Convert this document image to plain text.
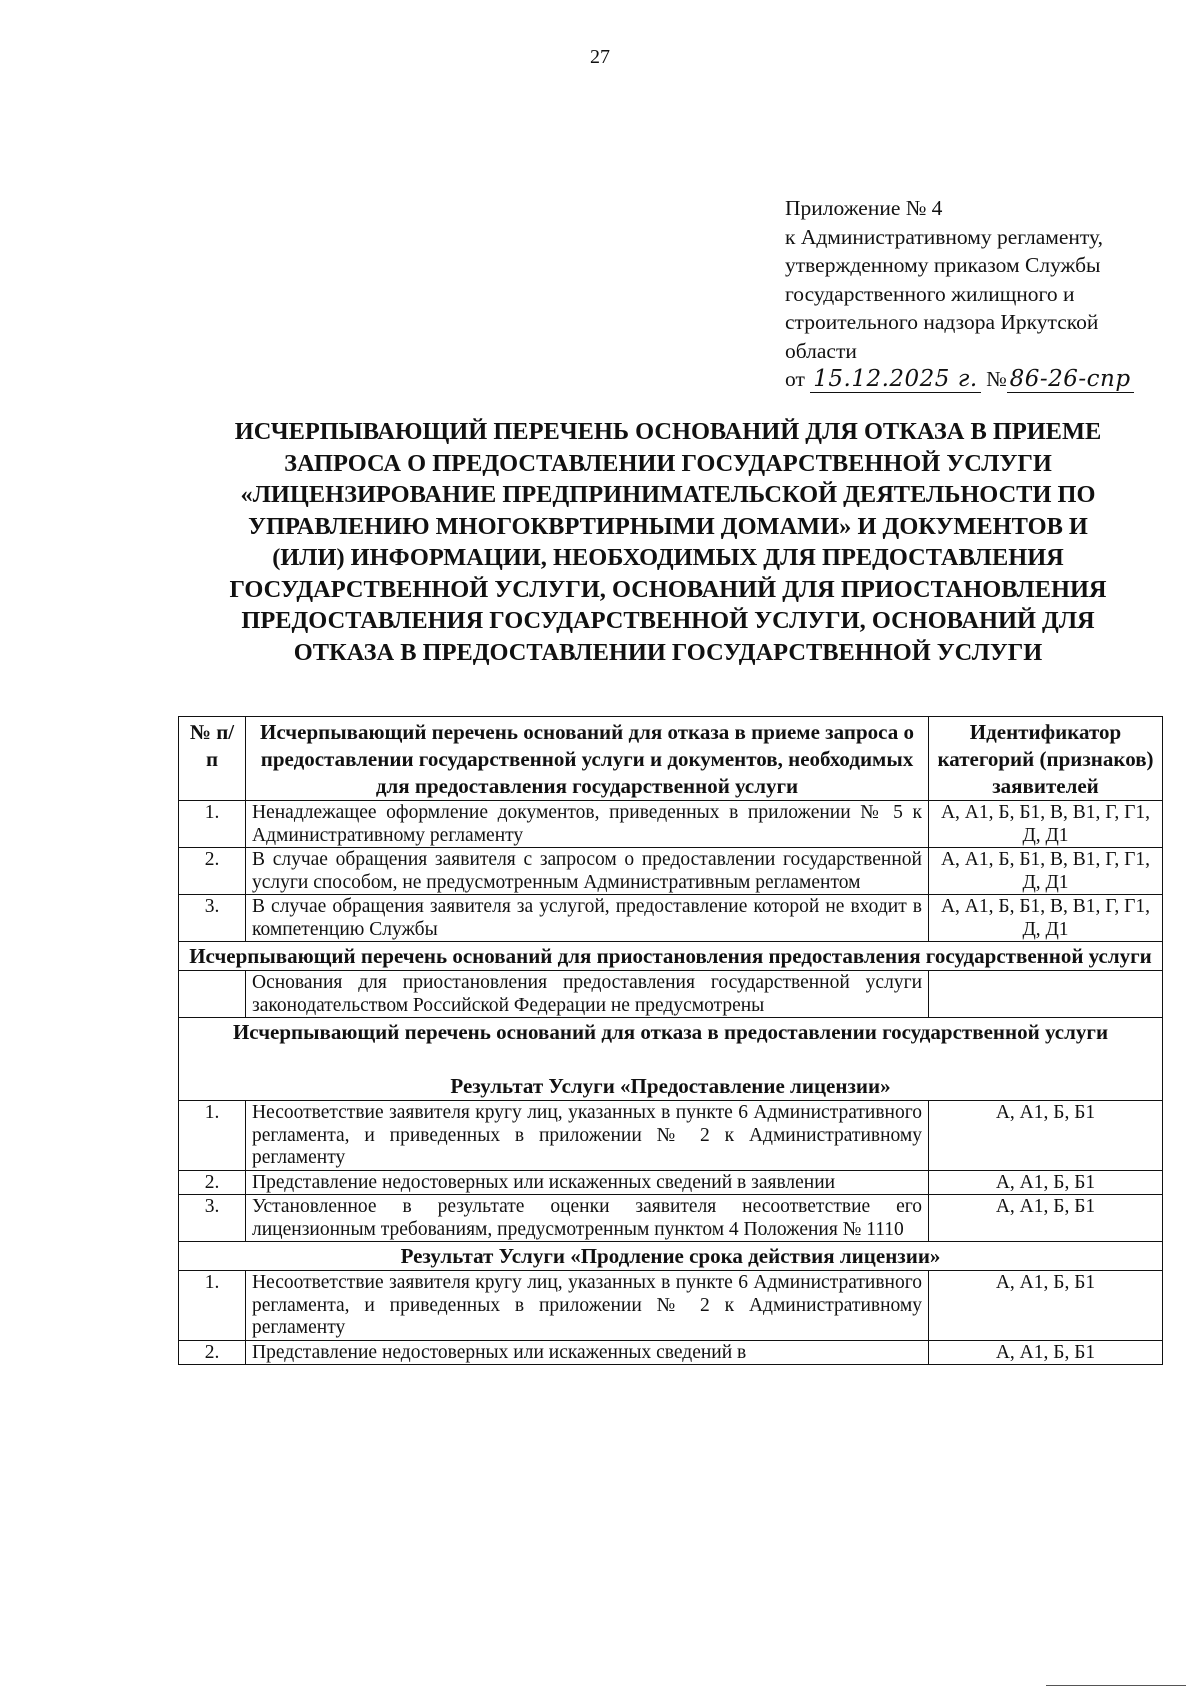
27
Приложение № 4
к Административному регламенту,
утвержденному приказом Службы
государственного жилищного и
строительного надзора Иркутской
области
от 15.12.2025 г. № 86-26-спр
ИСЧЕРПЫВАЮЩИЙ ПЕРЕЧЕНЬ ОСНОВАНИЙ ДЛЯ ОТКАЗА В ПРИЕМЕ
ЗАПРОСА О ПРЕДОСТАВЛЕНИИ ГОСУДАРСТВЕННОЙ УСЛУГИ
«ЛИЦЕНЗИРОВАНИЕ ПРЕДПРИНИМАТЕЛЬСКОЙ ДЕЯТЕЛЬНОСТИ ПО
УПРАВЛЕНИЮ МНОГОКВРТИРНЫМИ ДОМАМИ» И ДОКУМЕНТОВ И
(ИЛИ) ИНФОРМАЦИИ, НЕОБХОДИМЫХ ДЛЯ ПРЕДОСТАВЛЕНИЯ
ГОСУДАРСТВЕННОЙ УСЛУГИ, ОСНОВАНИЙ ДЛЯ ПРИОСТАНОВЛЕНИЯ
ПРЕДОСТАВЛЕНИЯ ГОСУДАРСТВЕННОЙ УСЛУГИ, ОСНОВАНИЙ ДЛЯ
ОТКАЗА В ПРЕДОСТАВЛЕНИИ ГОСУДАРСТВЕННОЙ УСЛУГИ
№ п/п	Исчерпывающий перечень оснований для отказа в приеме запроса о предоставлении государственной услуги и документов, необходимых для предоставления государственной услуги	Идентификатор категорий (признаков) заявителей
1.	Ненадлежащее оформление документов, приведенных в приложении № 5 к Административному регламенту	А, А1, Б, Б1, В, В1, Г, Г1, Д, Д1
2.	В случае обращения заявителя с запросом о предоставлении государственной услуги способом, не предусмотренным Административным регламентом	А, А1, Б, Б1, В, В1, Г, Г1, Д, Д1
3.	В случае обращения заявителя за услугой, предоставление которой не входит в компетенцию Службы	А, А1, Б, Б1, В, В1, Г, Г1, Д, Д1
Исчерпывающий перечень оснований для приостановления предоставления государственной услуги		
	Основания для приостановления предоставления государственной услуги законодательством Российской Федерации не предусмотрены	
Исчерпывающий перечень оснований для отказа в предоставлении государственной услуги
Результат Услуги «Предоставление лицензии»		

1.	Несоответствие заявителя кругу лиц, указанных в пункте 6 Административного регламента, и приведенных в приложении № 2 к Административному регламенту	А, А1, Б, Б1
2.	Представление недостоверных или искаженных сведений в заявлении	А, А1, Б, Б1
3.	Установленное в результате оценки заявителя несоответствие его лицензионным требованиям, предусмотренным пунктом 4 Положения № 1110	А, А1, Б, Б1
Результат Услуги «Продление срока действия лицензии»		
1.	Несоответствие заявителя кругу лиц, указанных в пункте 6 Административного регламента, и приведенных в приложении № 2 к Административному регламенту	А, А1, Б, Б1
2.	Представление недостоверных или искаженных сведений в	А, А1, Б, Б1
